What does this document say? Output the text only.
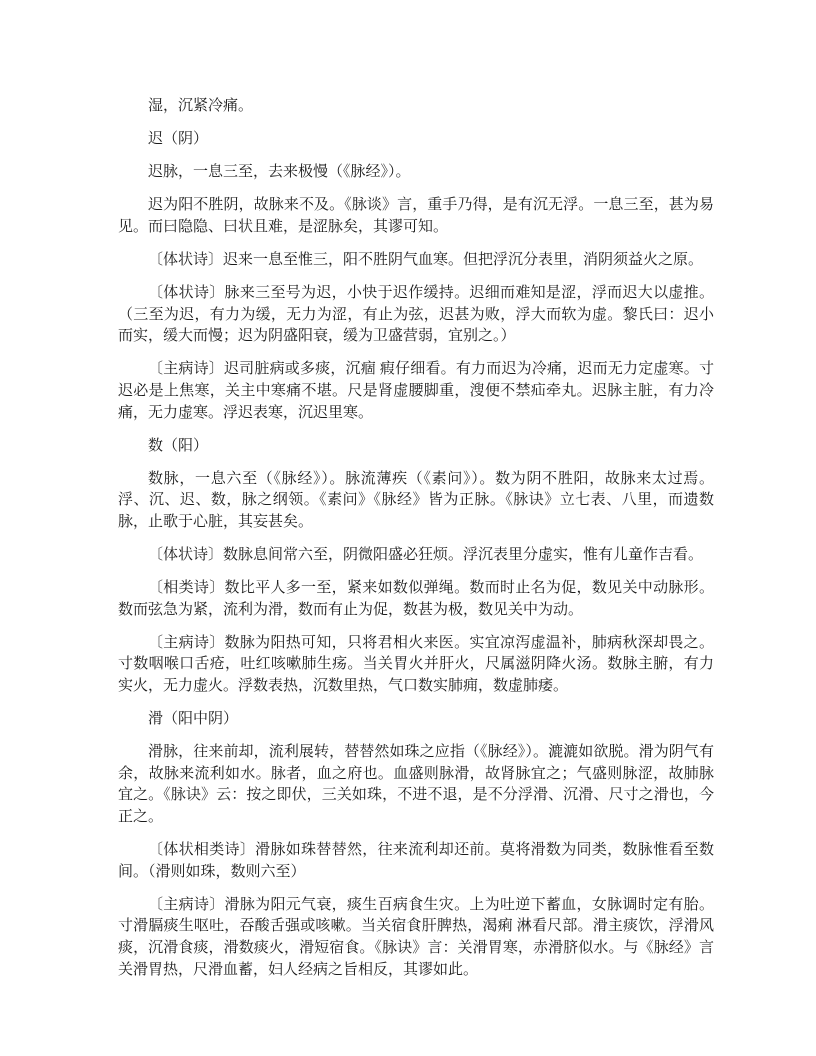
湿，沉紧冷痛。

迟（阴）

迟脉，一息三至，去来极慢（《脉经》）。

迟为阳不胜阴，故脉来不及。《脉谈》言，重手乃得，是有沉无浮。一息三至，甚为易见。而曰隐隐、曰状且难，是涩脉矣，其谬可知。

〔体状诗〕迟来一息至惟三，阳不胜阴气血寒。但把浮沉分表里，消阴须益火之原。

〔体状诗〕脉来三至号为迟，小快于迟作缓持。迟细而难知是涩，浮而迟大以虚推。（三至为迟，有力为缓，无力为涩，有止为弦，迟甚为败，浮大而软为虚。黎氏曰：迟小而实，缓大而慢；迟为阴盛阳衰，缓为卫盛营弱，宜别之。）

〔主病诗〕迟司脏病或多痰，沉痼 瘕仔细看。有力而迟为冷痛，迟而无力定虚寒。寸迟必是上焦寒，关主中寒痛不堪。尺是肾虚腰脚重，溲便不禁疝牵丸。迟脉主脏，有力冷痛，无力虚寒。浮迟表寒，沉迟里寒。

数（阳）

数脉，一息六至（《脉经》）。脉流薄疾（《素问》）。数为阴不胜阳，故脉来太过焉。浮、沉、迟、数，脉之纲领。《素问》《脉经》皆为正脉。《脉诀》立七表、八里，而遗数脉，止歌于心脏，其妄甚矣。

〔体状诗〕数脉息间常六至，阴微阳盛必狂烦。浮沉表里分虚实，惟有儿童作吉看。

〔相类诗〕数比平人多一至，紧来如数似弹绳。数而时止名为促，数见关中动脉形。数而弦急为紧，流利为滑，数而有止为促，数甚为极，数见关中为动。

〔主病诗〕数脉为阳热可知，只将君相火来医。实宜凉泻虚温补，肺病秋深却畏之。寸数咽喉口舌疮，吐红咳嗽肺生疡。当关胃火并肝火，尺属滋阴降火汤。数脉主腑，有力实火，无力虚火。浮数表热，沉数里热，气口数实肺痈，数虚肺痿。

滑（阳中阴）

滑脉，往来前却，流利展转，替替然如珠之应指（《脉经》）。漉漉如欲脱。滑为阴气有余，故脉来流利如水。脉者，血之府也。血盛则脉滑，故肾脉宜之；气盛则脉涩，故肺脉宜之。《脉诀》云：按之即伏，三关如珠，不进不退，是不分浮滑、沉滑、尺寸之滑也，今正之。

〔体状相类诗〕滑脉如珠替替然，往来流利却还前。莫将滑数为同类，数脉惟看至数间。（滑则如珠，数则六至）

〔主病诗〕滑脉为阳元气衰，痰生百病食生灾。上为吐逆下蓄血，女脉调时定有胎。寸滑膈痰生呕吐，吞酸舌强或咳嗽。当关宿食肝脾热，渴痢 淋看尺部。滑主痰饮，浮滑风痰，沉滑食痰，滑数痰火，滑短宿食。《脉诀》言：关滑胃寒，赤滑脐似水。与《脉经》言关滑胃热，尺滑血蓄，妇人经病之旨相反，其谬如此。
